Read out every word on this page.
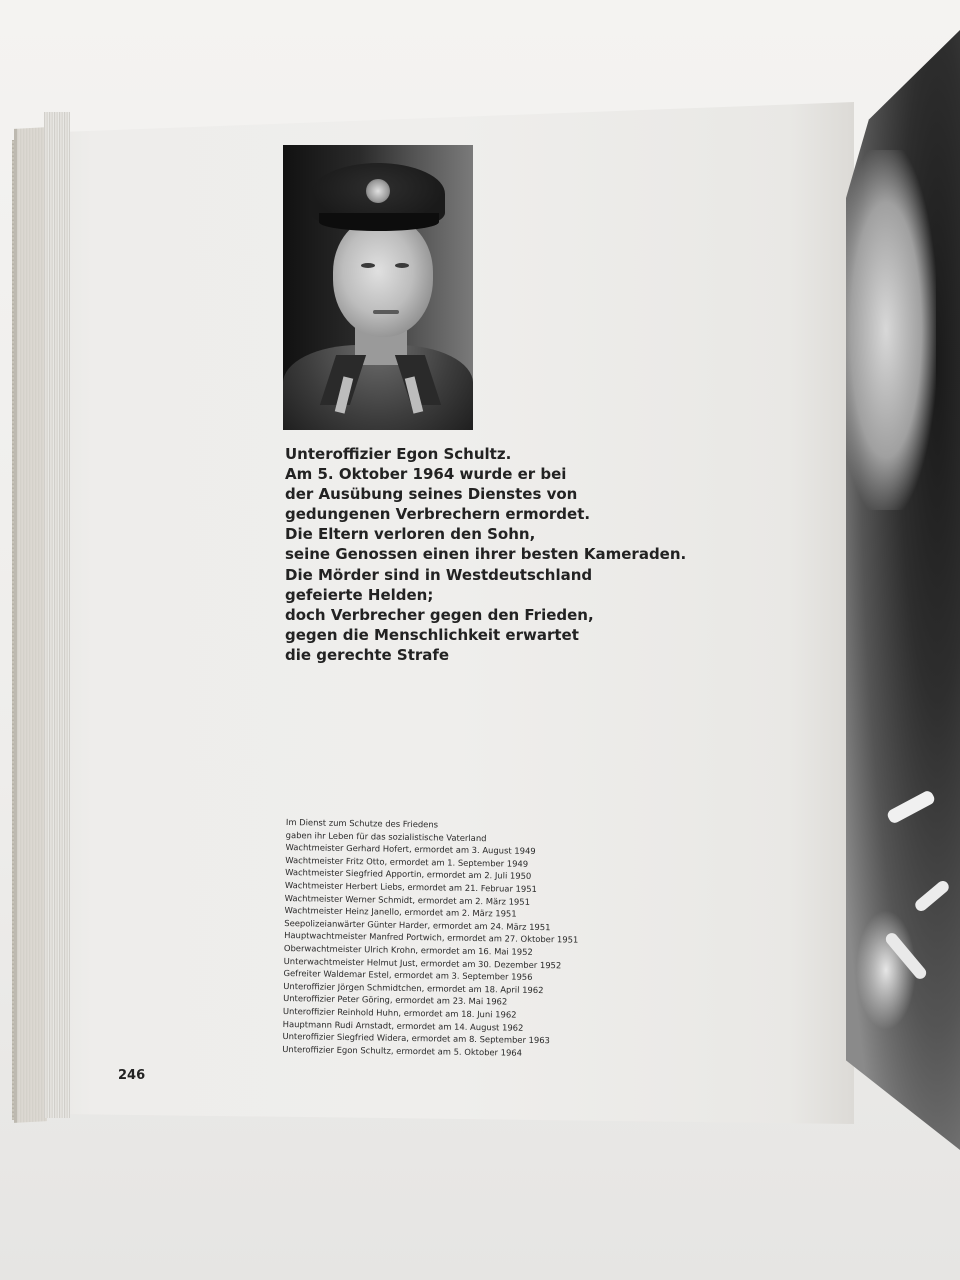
Unteroffizier Egon Schultz.
Am 5. Oktober 1964 wurde er bei
der Ausübung seines Dienstes von
gedungenen Verbrechern ermordet.
Die Eltern verloren den Sohn,
seine Genossen einen ihrer besten Kameraden.
Die Mörder sind in Westdeutschland
gefeierte Helden;
doch Verbrecher gegen den Frieden,
gegen die Menschlichkeit erwartet
die gerechte Strafe
Im Dienst zum Schutze des Friedens
gaben ihr Leben für das sozialistische Vaterland
Wachtmeister Gerhard Hofert, ermordet am 3. August 1949
Wachtmeister Fritz Otto, ermordet am 1. September 1949
Wachtmeister Siegfried Apportin, ermordet am 2. Juli 1950
Wachtmeister Herbert Liebs, ermordet am 21. Februar 1951
Wachtmeister Werner Schmidt, ermordet am 2. März 1951
Wachtmeister Heinz Janello, ermordet am 2. März 1951
Seepolizeianwärter Günter Harder, ermordet am 24. März 1951
Hauptwachtmeister Manfred Portwich, ermordet am 27. Oktober 1951
Oberwachtmeister Ulrich Krohn, ermordet am 16. Mai 1952
Unterwachtmeister Helmut Just, ermordet am 30. Dezember 1952
Gefreiter Waldemar Estel, ermordet am 3. September 1956
Unteroffizier Jörgen Schmidtchen, ermordet am 18. April 1962
Unteroffizier Peter Göring, ermordet am 23. Mai 1962
Unteroffizier Reinhold Huhn, ermordet am 18. Juni 1962
Hauptmann Rudi Arnstadt, ermordet am 14. August 1962
Unteroffizier Siegfried Widera, ermordet am 8. September 1963
Unteroffizier Egon Schultz, ermordet am 5. Oktober 1964
246
